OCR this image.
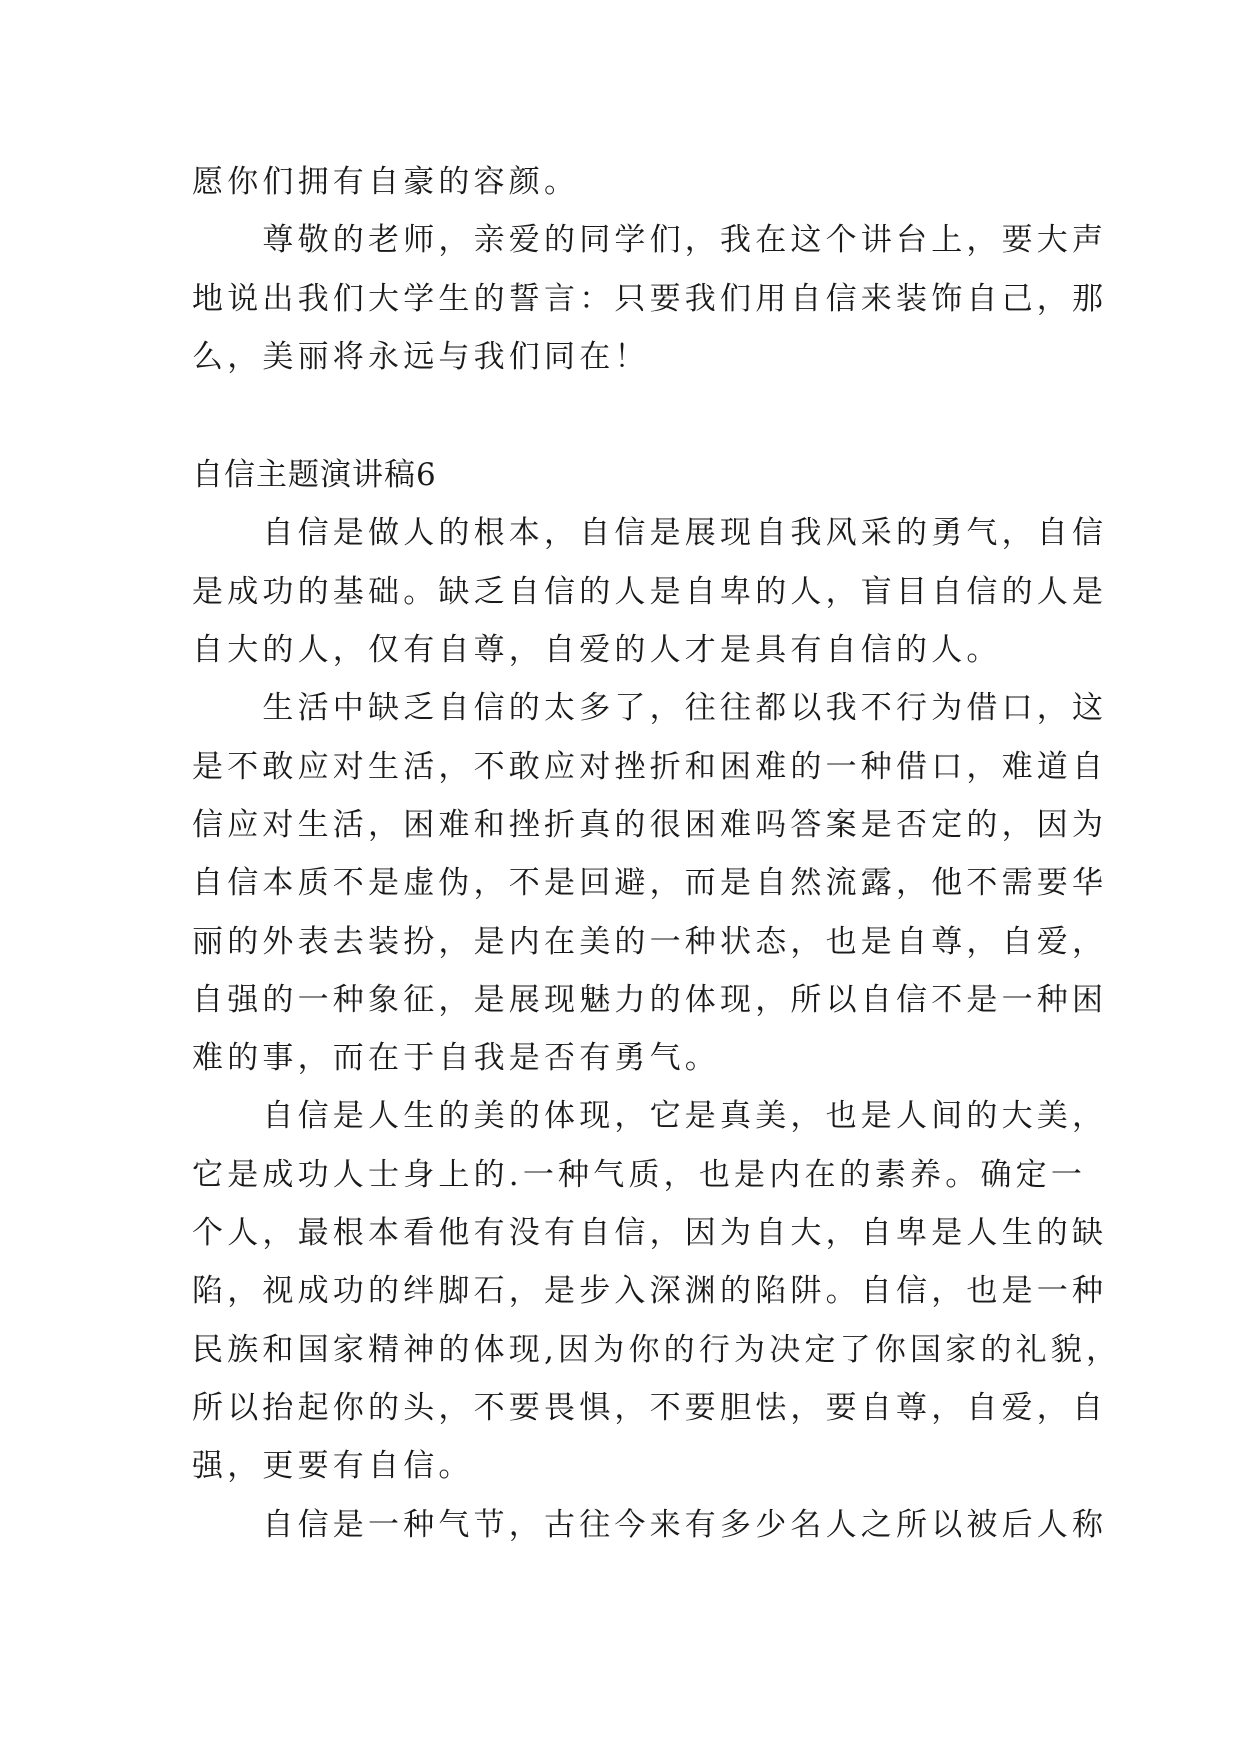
愿你们拥有自豪的容颜。
　　尊敬的老师，亲爱的同学们，我在这个讲台上，要大声
地说出我们大学生的誓言：只要我们用自信来装饰自己，那
么，美丽将永远与我们同在！
自信主题演讲稿6
　　自信是做人的根本，自信是展现自我风采的勇气，自信
是成功的基础。缺乏自信的人是自卑的人，盲目自信的人是
自大的人，仅有自尊，自爱的人才是具有自信的人。
　　生活中缺乏自信的太多了，往往都以我不行为借口，这
是不敢应对生活，不敢应对挫折和困难的一种借口，难道自
信应对生活，困难和挫折真的很困难吗答案是否定的，因为
自信本质不是虚伪，不是回避，而是自然流露，他不需要华
丽的外表去装扮，是内在美的一种状态，也是自尊，自爱，
自强的一种象征，是展现魅力的体现，所以自信不是一种困
难的事，而在于自我是否有勇气。
　　自信是人生的美的体现，它是真美，也是人间的大美，
它是成功人士身上的.一种气质，也是内在的素养。确定一
个人，最根本看他有没有自信，因为自大，自卑是人生的缺
陷，视成功的绊脚石，是步入深渊的陷阱。自信，也是一种
民族和国家精神的体现,因为你的行为决定了你国家的礼貌，
所以抬起你的头，不要畏惧，不要胆怯，要自尊，自爱，自
强，更要有自信。
　　自信是一种气节，古往今来有多少名人之所以被后人称
